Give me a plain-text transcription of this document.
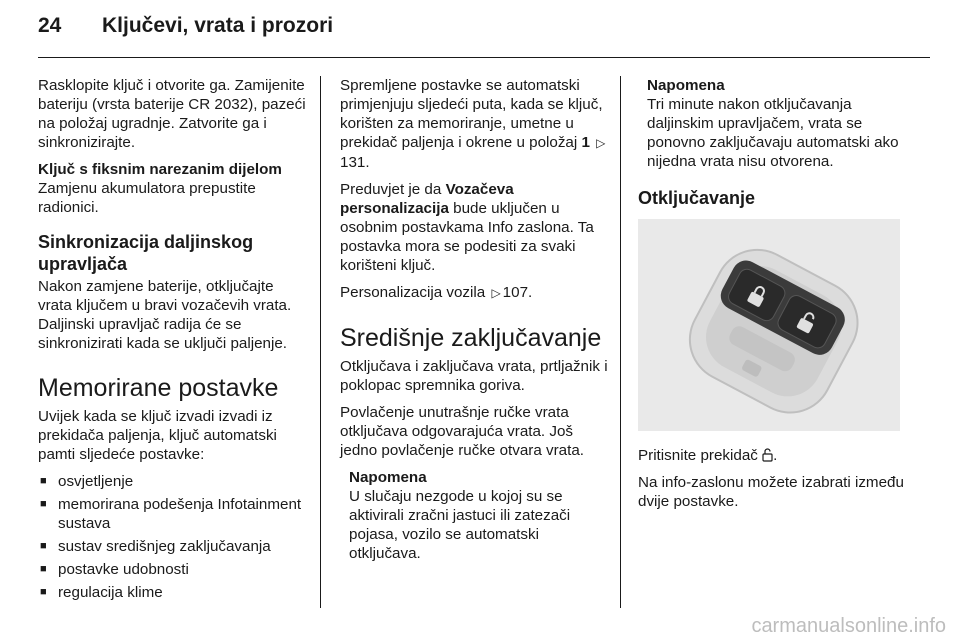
24	Ključevi, vrata i prozori

Rasklopite ključ i otvorite ga. Zamijenite bateriju (vrsta baterije CR 2032), pazeći na položaj ugradnje. Zatvorite ga i sinkronizirajte.

Ključ s fiksnim narezanim dijelom

Zamjenu akumulatora prepustite radionici.

Sinkronizacija daljinskog upravljača

Nakon zamjene baterije, otključajte vrata ključem u bravi vozačevih vrata. Daljinski upravljač radija će se sinkronizirati kada se uključi paljenje.

Memorirane postavke

Uvijek kada se ključ izvadi izvadi iz prekidača paljenja, ključ automatski pamti sljedeće postavke:

■ osvjetljenje
■ memorirana podešenja Infotainment sustava
■ sustav središnjeg zaključavanja
■ postavke udobnosti
■ regulacija klime

Spremljene postavke se automatski primjenjuju sljedeći puta, kada se ključ, korišten za memoriranje, umetne u prekidač paljenja i okrene u položaj 1 ▷131.

Preduvjet je da Vozačeva personalizacija bude uključen u osobnim postavkama Info zaslona. Ta postavka mora se podesiti za svaki korišteni ključ.

Personalizacija vozila ▷ 107.

Središnje zaključavanje

Otključava i zaključava vrata, prtljažnik i poklopac spremnika goriva.

Povlačenje unutrašnje ručke vrata otključava odgovarajuća vrata. Još jedno povlačenje ručke otvara vrata.

Napomena
U slučaju nezgode u kojoj su se aktivirali zračni jastuci ili zatezači pojasa, vozilo se automatski otključava.
Napomena
Tri minute nakon otključavanja daljinskim upravljačem, vrata se ponovno zaključavaju automatski ako nijedna vrata nisu otvorena.
Otključavanje

Pritisnite prekidač .

Na info-zaslonu možete izabrati između dvije postavke.

carmanualsonline.info
